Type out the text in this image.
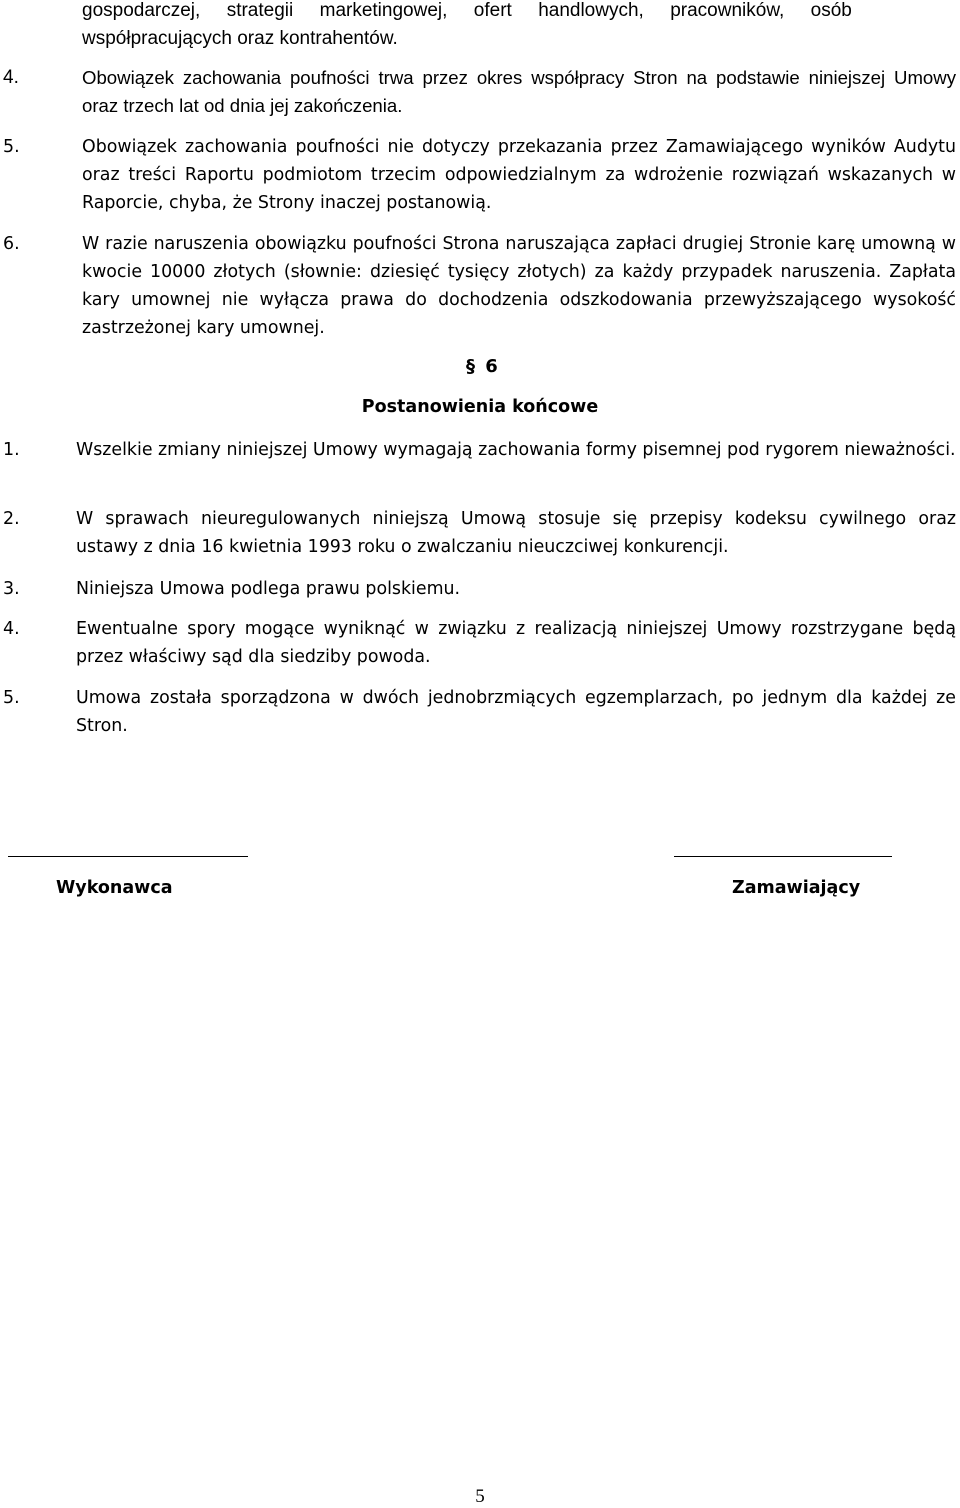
gospodarczej,     strategii     marketingowej,     ofert     handlowych,     pracowników,     osób
współpracujących oraz kontrahentów.
4.	Obowiązek zachowania poufności trwa przez okres współpracy Stron na podstawie niniejszej Umowy oraz trzech lat od dnia jej zakończenia.
5.	Obowiązek zachowania poufności nie dotyczy przekazania przez Zamawiającego wyników Audytu oraz treści Raportu podmiotom trzecim odpowiedzialnym za wdrożenie rozwiązań wskazanych w Raporcie, chyba, że Strony inaczej postanowią.
6.	W razie naruszenia obowiązku poufności Strona naruszająca zapłaci drugiej Stronie karę umowną w kwocie 10000 złotych (słownie: dziesięć tysięcy złotych) za każdy przypadek naruszenia. Zapłata kary umownej nie wyłącza prawa do dochodzenia odszkodowania przewyższającego wysokość zastrzeżonej kary umownej.
§ 6
Postanowienia końcowe
1.	Wszelkie zmiany niniejszej Umowy wymagają zachowania formy pisemnej pod rygorem nieważności.
2.	W sprawach nieuregulowanych niniejszą Umową stosuje się przepisy kodeksu cywilnego oraz ustawy z dnia 16 kwietnia 1993 roku o zwalczaniu nieuczciwej konkurencji.
3.	Niniejsza Umowa podlega prawu polskiemu.
4.	Ewentualne spory mogące wyniknąć w związku z realizacją niniejszej Umowy rozstrzygane będą przez właściwy sąd dla siedziby powoda.
5.	Umowa została sporządzona w dwóch jednobrzmiących egzemplarzach, po jednym dla każdej ze Stron.
Wykonawca	Zamawiający
5
